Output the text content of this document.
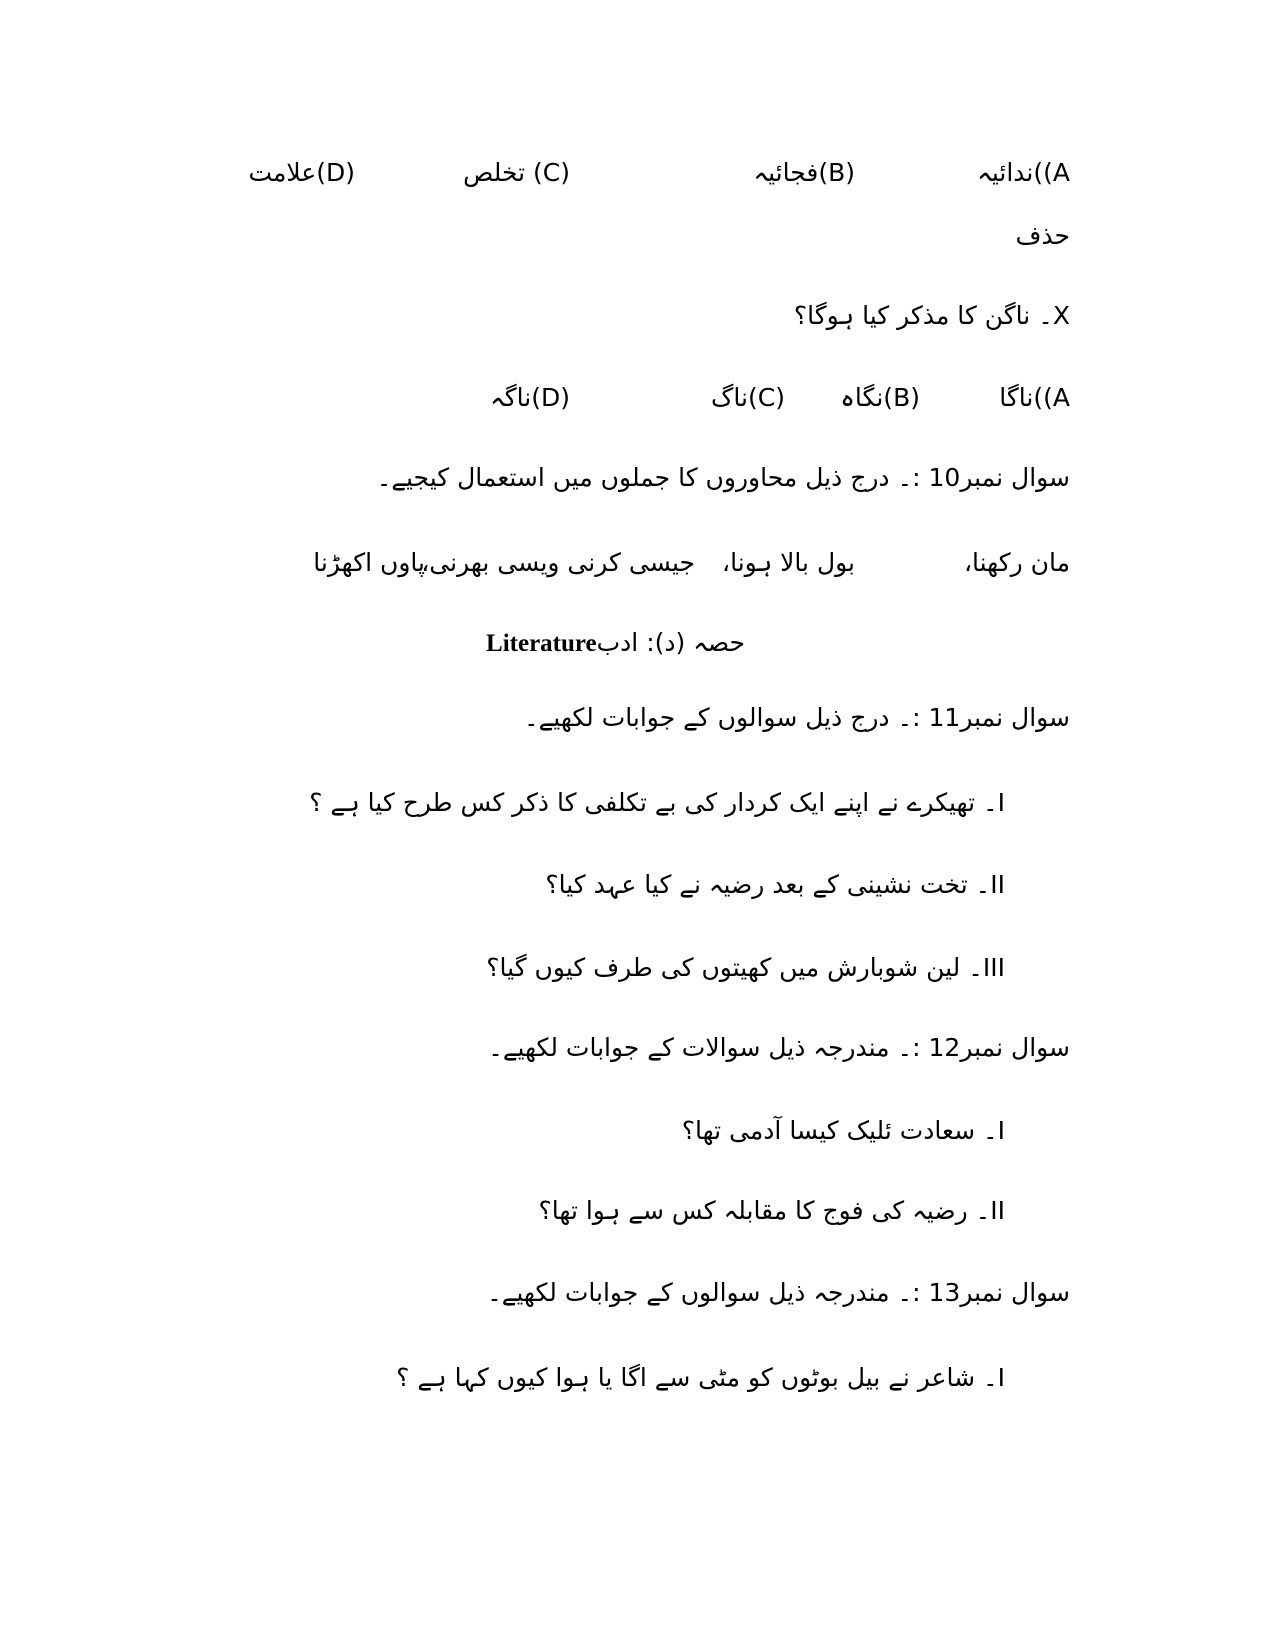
A))ندائیہ
(B)فجائیہ
(C) تخلص
(D)علامت
حذف
X۔ ناگن کا مذکر کیا ہوگا؟
A))ناگا
(B)نگاہ
(C)ناگ
(D)ناگہ
سوال نمبر10 :۔ درج ذیل محاوروں کا جملوں میں استعمال کیجیے۔
مان رکھنا،
بول بالا ہونا،
جیسی کرنی ویسی بھرنی،
پاوں اکھڑنا
حصہ (د): ادبLiterature
سوال نمبر11 :۔ درج ذیل سوالوں کے جوابات لکھیے۔
I۔ تھیکرے نے اپنے ایک کردار کی بے تکلفی کا ذکر کس طرح کیا ہے ؟
II۔ تخت نشینی کے بعد رضیہ نے کیا عہد کیا؟
III۔ لین شوبارش میں کھیتوں کی طرف کیوں گیا؟
سوال نمبر12 :۔ مندرجہ ذیل سوالات کے جوابات لکھیے۔
I۔ سعادت ئلیک کیسا آدمی تھا؟
II۔ رضیہ کی فوج کا مقابلہ کس سے ہوا تھا؟
سوال نمبر13 :۔ مندرجہ ذیل سوالوں کے جوابات لکھیے۔
I۔ شاعر نے بیل بوٹوں کو مٹی سے اگا یا ہوا کیوں کہا ہے ؟
